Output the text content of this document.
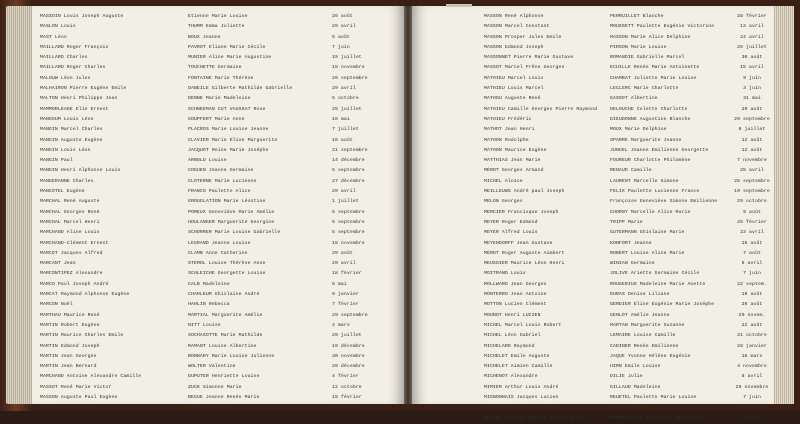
MASSOIN Louis Joseph Auguste	Etienne Marie Louise	26 août
MASLON Louis	THUMM Emma Juliette	29 avril
MAST Léon	BOUX Jeanne	5 août
MAILLARD Roger François	PAVROT Eliane Marie Cécile	7 juin
MAILLARD Charles	MUNIER Aline Marie Augustine	19 juillet
MAILLARD Roger Charles	TOUCHETTE Germaine	18 novembre
MALOUW Léon Jules	FONTAINE Marie Thérèse	26 septembre
MALHAIRON Pierre Eugène Emile	DANEILE Gilberte Mathilde Gabrielle	29 avril
MALTON Henri Philippe Jean	DENNE Marie Madeleine	5 octobre
MAMMORLEADE Elie Ernest	SCHNEEMAN CUT VAUSSAT Rose	25 juillet
MANGOUM Louis Léon	GOUPFERT Marie Anne	16 mai
MANGIN Marcel Charles	PLACROS Marie Louise Jeanne	7 juillet
MANGIN Auguste Eugène	CLAVIER Marie Elise Marguerite	16 août
MANGIN Louis Léon	JACQUOT Reine Marie Joséphe	21 septembre
MANGIN Paul	ARNOLD Louise	14 décembre
MANGIN Henri Alphonse Louis	COGUEN Jeanne Germaine	5 septembre
MANGERANNE Charles	CLOTERNE Marie Lucienne	27 décembre
MANCOTEL Eugène	FRANCO Paulette Alice	29 avril
MARCHAL René Auguste	GROUGLATION Marie Léontine	1 juillet
MARCHAL Georges René	POREUX Geneviève Marie Amélie	5 septembre
MARCHAL Marcel Henri	HOULANGER Marguerite Georgine	5 septembre
MARCHAND Aline Louis	SCHORRER Marie Louise Gabrielle	5 septembre
MARCHAND-Clément Ernest	LEGRAND Jeanne Louise	16 novembre
MARCOT Jacques Alfred	CLAMB Anne Catherine	29 août
MARCANT Jean	STEMOL Louise Thérèse Anne	20 avril
MARCONTIPEZ Alexandre	SCHLEICHE Georgette Louise	18 février
MARCO Paul Joseph André	CALB Madeleine	8 mai
MARCAT Raymond Alphonse Eugène	CHARLEUR Ghislaine André	9 janvier
MARCON Noël	HAHLIN Rebecca	7 février
MARTHAU Maurice René	MARTIAL Marguerite Amélie	29 septembre
MARTIN Robert Eugène	NITT Louise	4 mars
MARTIN Maurice Charles Emile	SOCHASOTTE Marie Mathilde	29 juillet
MARTIN Edmond Joseph	RAMANT Louise Albertine	19 décembre
MARTIN Jean Georges	BONNARY Marie Louise Julienne	30 novembre
MARTIN Jean Bernard	WOLTER Valentine	29 décembre
MARCHAND Antoine Alexandre Camille	DUPUTER Henriette Louise	4 février
MASSOT René Marie Victor	ZUCK Simonne Marie	12 octobre
MASSON Auguste Paul Eugène	BEGUE Jeanne Renée Marie	18 février
MASSON Paul Ernest	GENOT Félicie	24 février
MASSON René Alphonse	PERRUILLET Blanche	28 février
MASSON Marcel Constant	MOUSSETT Paulette Eugénie Victorine	13 avril
MASSON Prosper Jules Emile	MASSON Marie Alice Delphine	24 avril
MASSON Edmond Joseph	PIRSON Marie Louise	26 juillet
MASSONNET Pierre Marie Gustave	ROMANDIE Gabrielle Marcel	30 août
MASSOT Marcel Frêne Georges	ECUILLE Renée Marie Antoinette	15 avril
MATHIEU Marcel Louis	CHAMBAT Juliette Marie Louise	9 juin
MATHIEU Louis Marcel	LECLERC Marie Charlotte	3 juin
MATHOU Auguste René	GASSOT Albertine	31 mai
MATHIEU Camille Georges Pierre Raymond	DELOUCHE Colette Charlotte	29 août
MATHIEU Frédéric	DIEUDONNE Augustine Blanche	29 septembre
MATHOT Jean Henri	MOUX Marie Delphine	8 juillet
MATHON Rodolphe	SPARRE Marguerite Jeanne	12 août
MATHON Maurice Eugène	JUNGEL Jeanne Emilienne Georgette	12 août
MATTHIAS Jean Marie	FOUREUR Charlotte Philomène	7 novembre
MÉROT Georges Armand	RENAUD Camille	25 avril
MICHEL Aloïse	LAURENT Marcelle Simone	25 septembre
MEILLEUWS André paul Joseph	FELIX Paulette Lucienne France	19 septembre
MELON Georges	Françoise Geneviève Simone Emilienne	29 octobre
MERCIER Francisque Joseph	CHORNY Marcelle Alice Marie	9 août
MEYER Roger Edmond	TRIPP Marie	25 février
MEYER Alfred Louis	GUTERMANN Ghislaine Marie	23 avril
MEYENDORFF Jean Gustave	KONFORT Jeanne	16 août
MÉROT Roger Auguste Aimbert	ROBÉRT Louise Aline Marie	7 août
MEUSSIER Maurice Léon Henri	WINIAN Germaine	8 avril
MOITRAND Louis	JOLIVE Ariette Germaine Cécile	7 juin
MOLLWARD Jean Georges	ROUGERIUS Madeleine Marie Anette	22 septem.
MONTERRO Jean Antoine	DURAS Denise Liliane	19 août
MOTTON Lucien Clément	GERDIER Elise Eugénie Marie Joséphe	29 août
MOUNOT Henri LUCIEN	GENLOT Amélie Jeanne	20 novem.
MICHEL Marcel Louis Robert	MARTAN Marguerite Suzanne	22 août
MICHEL Léon Gabriel	LEMAIRE Louise Camille	21 octobre
MICHELARD Raymond	CADINER Renée Emilienne	28 janvier
MICHELET Emile Auguste	JAQUE Yvonne Hélène Eugénie	18 mars
MICHELET Aimien Camille	HIRN Emile Louise	4 novembre
MICHENOT Alexandre	DILIE Julie	8 avril
MIMIER Arthur Louis André	GILLAUD Madeleine	26 novembre
MIGNONNAIS Jacques Lucien	REUETEL Paulette Marie Louise	7 juin
MIGNOLANET Emanuel David	Wolsse Simon	13 avril
MILLOT Auguste Edmond Albert René	ROUSSEVILLE Albertine Marguerite	8 mai
